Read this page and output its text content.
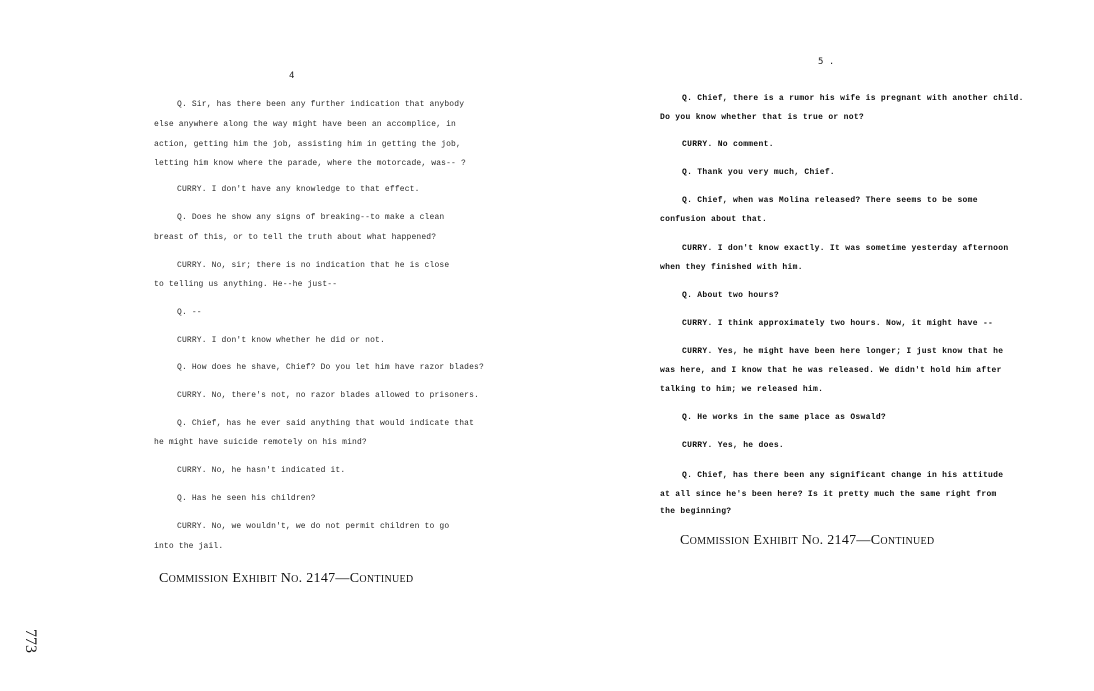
4
Q. Sir, has there been any further indication that anybody
else anywhere along the way might have been an accomplice, in
action, getting him the job, assisting him in getting the job,
letting him know where the parade, where the motorcade, was-- ?
CURRY. I don't have any knowledge to that effect.
Q. Does he show any signs of breaking--to make a clean
breast of this, or to tell the truth about what happened?
CURRY. No, sir; there is no indication that he is close
to telling us anything. He--he just--
Q. --
CURRY. I don't know whether he did or not.
Q. How does he shave, Chief? Do you let him have razor blades?
CURRY. No, there's not, no razor blades allowed to prisoners.
Q. Chief, has he ever said anything that would indicate that
he might have suicide remotely on his mind?
CURRY. No, he hasn't indicated it.
Q. Has he seen his children?
CURRY. No, we wouldn't, we do not permit children to go
into the jail.
Commission Exhibit No. 2147—Continued
5 .
Q. Chief, there is a rumor his wife is pregnant with another child.
Do you know whether that is true or not?
CURRY. No comment.
Q. Thank you very much, Chief.
Q. Chief, when was Molina released? There seems to be some
confusion about that.
CURRY. I don't know exactly. It was sometime yesterday afternoon
when they finished with him.
Q. About two hours?
CURRY. I think approximately two hours. Now, it might have --
CURRY. Yes, he might have been here longer; I just know that he
was here, and I know that he was released. We didn't hold him after
talking to him; we released him.
Q. He works in the same place as Oswald?
CURRY. Yes, he does.
Q. Chief, has there been any significant change in his attitude
at all since he's been here? Is it pretty much the same right from
the beginning?
Commission Exhibit No. 2147—Continued
773
